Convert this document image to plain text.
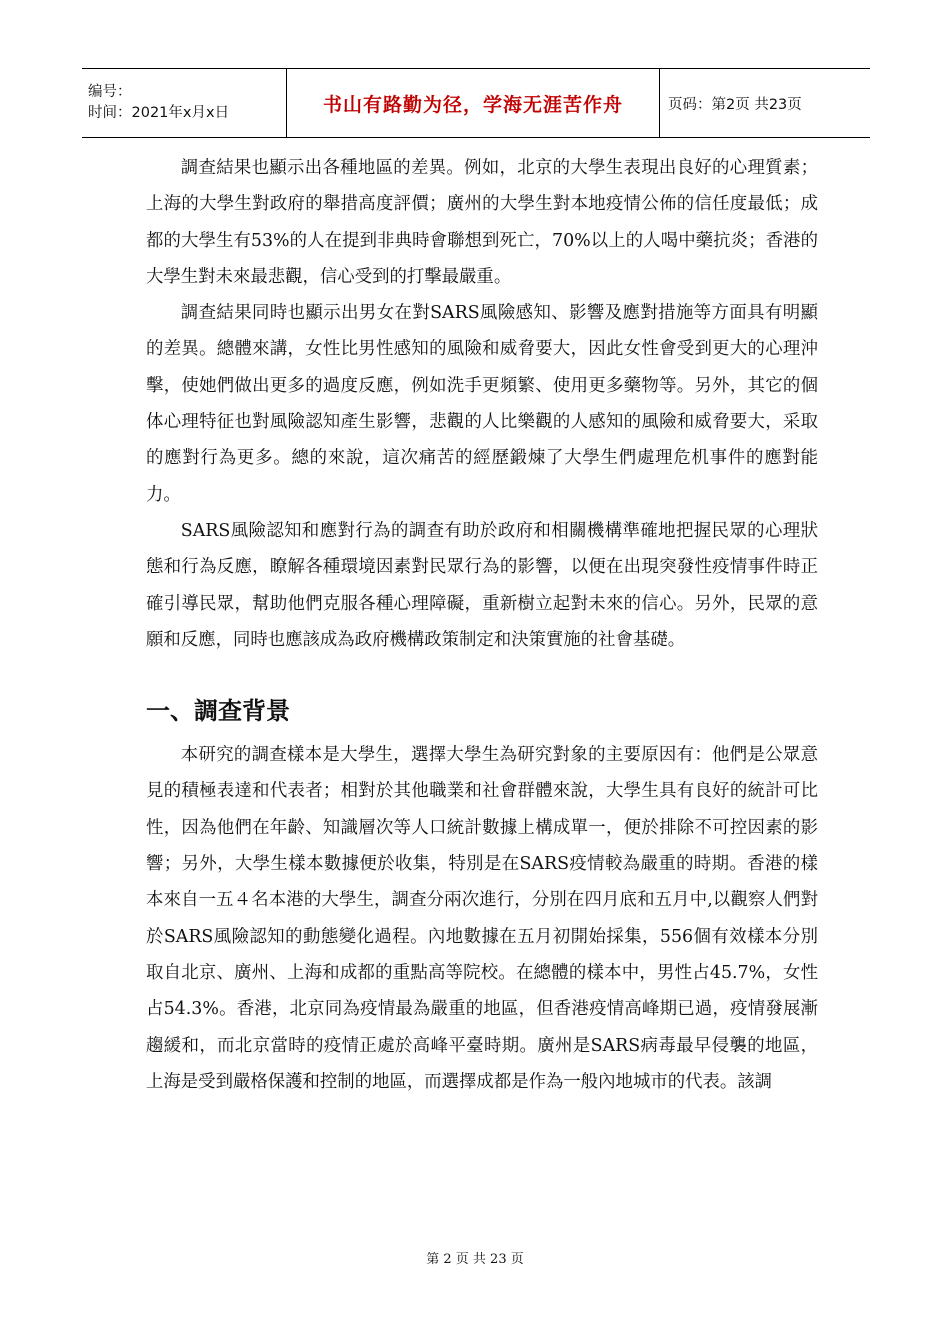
编号：
时间：2021年x月x日	书山有路勤为径，学海无涯苦作舟	页码：第2页 共23页

調查結果也顯示出各種地區的差異。例如，北京的大學生表現出良好的心理質素；上海的大學生對政府的舉措高度評價；廣州的大學生對本地疫情公佈的信任度最低；成都的大學生有53%的人在提到非典時會聯想到死亡，70%以上的人喝中藥抗炎；香港的大學生對未來最悲觀，信心受到的打擊最嚴重。

調查結果同時也顯示出男女在對SARS風險感知、影響及應對措施等方面具有明顯的差異。總體來講，女性比男性感知的風險和威脅要大，因此女性會受到更大的心理沖擊，使她們做出更多的過度反應，例如洗手更頻繁、使用更多藥物等。另外，其它的個体心理特征也對風險認知產生影響，悲觀的人比樂觀的人感知的風險和威脅要大，采取的應對行為更多。總的來說，這次痛苦的經歷鍛煉了大學生們處理危机事件的應對能力。

SARS風險認知和應對行為的調查有助於政府和相關機構準確地把握民眾的心理狀態和行為反應，瞭解各種環境因素對民眾行為的影響，以便在出現突發性疫情事件時正確引導民眾，幫助他們克服各種心理障礙，重新樹立起對未來的信心。另外，民眾的意願和反應，同時也應該成為政府機構政策制定和決策實施的社會基礎。

一、調查背景

本研究的調查樣本是大學生，選擇大學生為研究對象的主要原因有：他們是公眾意見的積極表達和代表者；相對於其他職業和社會群體來說，大學生具有良好的統計可比性，因為他們在年齡、知識層次等人口統計數據上構成單一，便於排除不可控因素的影響；另外，大學生樣本數據便於收集，特別是在SARS疫情較為嚴重的時期。香港的樣本來自一五４名本港的大學生，調查分兩次進行，分別在四月底和五月中,以觀察人們對於SARS風險認知的動態變化過程。內地數據在五月初開始採集，556個有效樣本分別取自北京、廣州、上海和成都的重點高等院校。在總體的樣本中，男性占45.7%，女性占54.3%。香港，北京同為疫情最為嚴重的地區，但香港疫情高峰期已過，疫情發展漸趨緩和，而北京當時的疫情正處於高峰平臺時期。廣州是SARS病毒最早侵襲的地區，上海是受到嚴格保護和控制的地區，而選擇成都是作為一般內地城市的代表。該調

第 2 页 共 23 页
